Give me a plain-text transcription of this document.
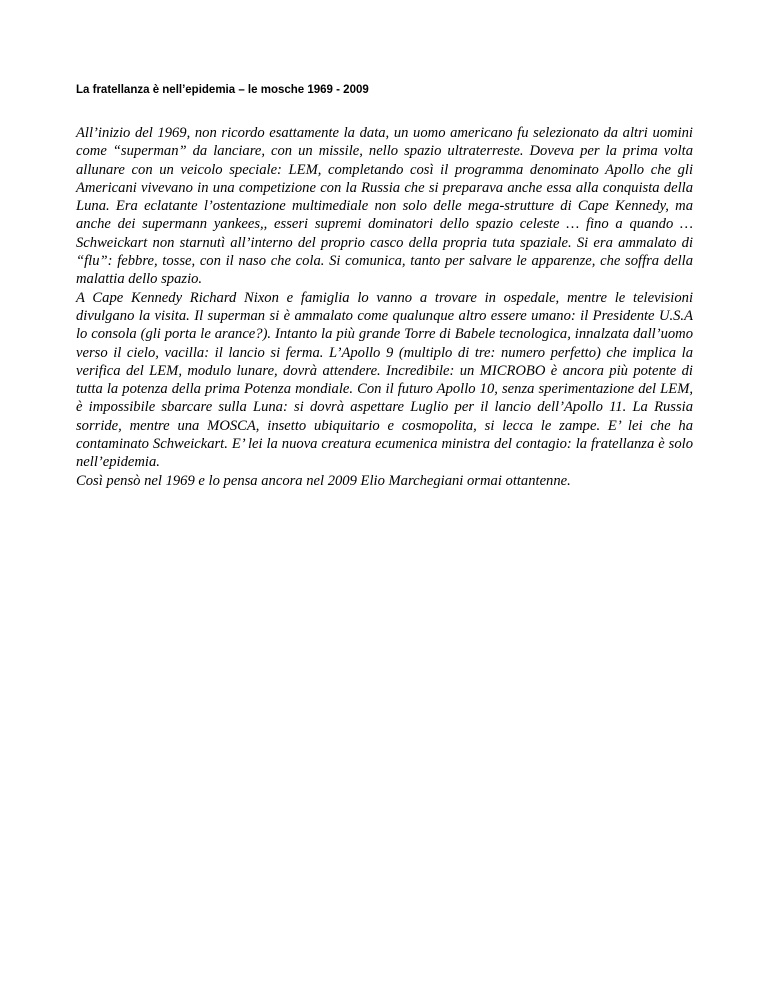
La fratellanza è nell’epidemia – le mosche 1969 - 2009

All’inizio del 1969, non ricordo esattamente la data, un uomo americano fu selezionato da altri uomini come “superman” da lanciare, con un missile, nello spazio ultraterreste. Doveva per la prima volta allunare con un veicolo speciale: LEM, completando così il programma denominato Apollo che gli Americani vivevano in una competizione con la Russia che si preparava anche essa alla conquista della Luna. Era eclatante l’ostentazione multimediale non solo delle mega-strutture di Cape Kennedy, ma anche dei supermann yankees,, esseri supremi dominatori dello spazio celeste … fino a quando … Schweickart non starnutì all’interno del proprio casco della propria tuta spaziale. Si era ammalato di “flu”: febbre, tosse, con il naso che cola. Si comunica, tanto per salvare le apparenze, che soffra della malattia dello spazio.

A Cape Kennedy Richard Nixon e famiglia lo vanno a trovare in ospedale, mentre le televisioni divulgano la visita. Il superman si è ammalato come qualunque altro essere umano: il Presidente U.S.A lo consola (gli porta le arance?). Intanto la più grande Torre di Babele tecnologica, innalzata dall’uomo verso il cielo, vacilla: il lancio si ferma. L’Apollo 9 (multiplo di tre: numero perfetto) che implica la verifica del LEM, modulo lunare, dovrà attendere. Incredibile: un MICROBO è ancora più potente di tutta la potenza della prima Potenza mondiale. Con il futuro Apollo 10, senza sperimentazione del LEM, è impossibile sbarcare sulla Luna: si dovrà aspettare Luglio per il lancio dell’Apollo 11. La Russia sorride, mentre una MOSCA, insetto ubiquitario e cosmopolita, si lecca le zampe. E’ lei che ha contaminato Schweickart. E’ lei la nuova creatura ecumenica ministra del contagio: la fratellanza è solo nell’epidemia.

Così pensò nel 1969 e lo pensa ancora nel 2009 Elio Marchegiani ormai ottantenne.
